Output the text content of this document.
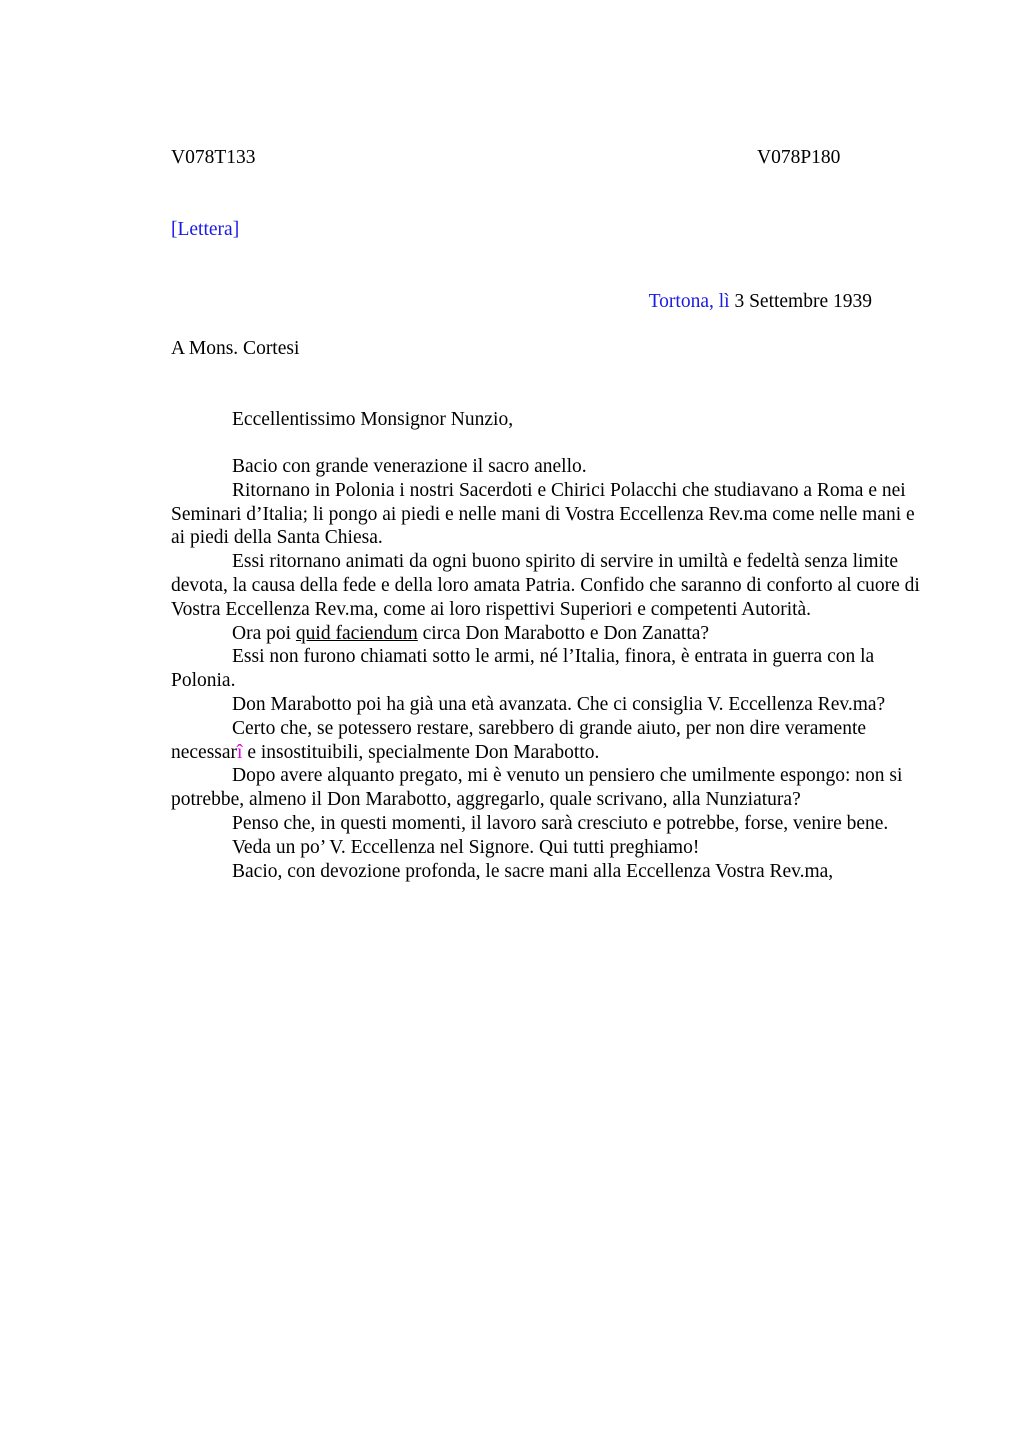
V078T133	V078P180
[Lettera]
Tortona, lì 3 Settembre 1939
A Mons. Cortesi
Eccellentissimo Monsignor Nunzio,

Bacio con grande venerazione il sacro anello.

Ritornano in Polonia i nostri Sacerdoti e Chirici Polacchi che studiavano a Roma e nei Seminari d’Italia; li pongo ai piedi e nelle mani di Vostra Eccellenza Rev.ma come nelle mani e ai piedi della Santa Chiesa.

Essi ritornano animati da ogni buono spirito di servire in umiltà e fedeltà senza limite devota, la causa della fede e della loro amata Patria. Confido che saranno di conforto al cuore di Vostra Eccellenza Rev.ma, come ai loro rispettivi Superiori e competenti Autorità.

Ora poi quid faciendum circa Don Marabotto e Don Zanatta?

Essi non furono chiamati sotto le armi, né l’Italia, finora, è entrata in guerra con la Polonia.

Don Marabotto poi ha già una età avanzata. Che ci consiglia V. Eccellenza Rev.ma?

Certo che, se potessero restare, sarebbero di grande aiuto, per non dire veramente necessarî e insostituibili, specialmente Don Marabotto.

Dopo avere alquanto pregato, mi è venuto un pensiero che umilmente espongo: non si potrebbe, almeno il Don Marabotto, aggregarlo, quale scrivano, alla Nunziatura?

Penso che, in questi momenti, il lavoro sarà cresciuto e potrebbe, forse, venire bene.

Veda un po’ V. Eccellenza nel Signore. Qui tutti preghiamo!

Bacio, con devozione profonda, le sacre mani alla Eccellenza Vostra Rev.ma,
